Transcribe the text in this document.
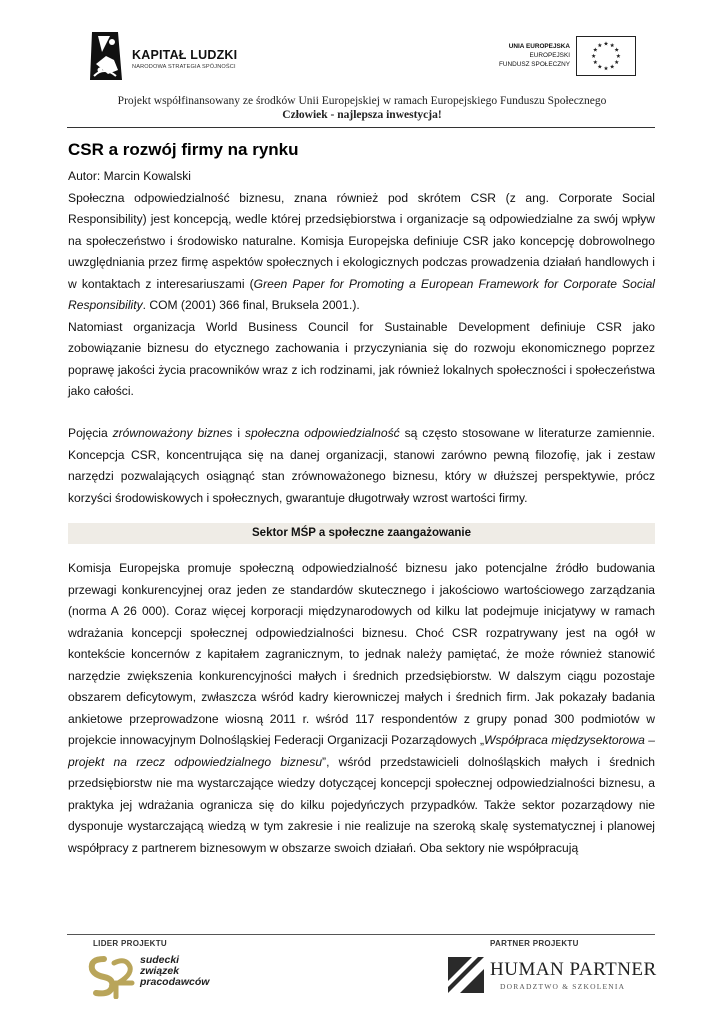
KAPITAŁ LUDZKI
NARODOWA STRATEGIA SPÓJNOŚCI
UNIA EUROPEJSKA
EUROPEJSKI
FUNDUSZ SPOŁECZNY
Projekt współfinansowany ze środków Unii Europejskiej w ramach Europejskiego Funduszu Społecznego
Człowiek - najlepsza inwestycja!
CSR a rozwój firmy na rynku

Autor: Marcin Kowalski

Społeczna odpowiedzialność biznesu, znana również pod skrótem CSR (z ang. Corporate Social Responsibility) jest koncepcją, wedle której przedsiębiorstwa i organizacje są odpowiedzialne za swój wpływ na społeczeństwo i środowisko naturalne. Komisja Europejska definiuje CSR jako koncepcję dobrowolnego uwzględniania przez firmę aspektów społecznych i ekologicznych podczas prowadzenia działań handlowych i w kontaktach z interesariuszami (Green Paper for Promoting a European Framework for Corporate Social Responsibility. COM (2001) 366 final, Bruksela 2001.).

Natomiast organizacja World Business Council for Sustainable Development definiuje CSR jako zobowiązanie biznesu do etycznego zachowania i przyczyniania się do rozwoju ekonomicznego poprzez poprawę jakości życia pracowników wraz z ich rodzinami, jak również lokalnych społeczności i społeczeństwa jako całości.

Pojęcia zrównoważony biznes i społeczna odpowiedzialność są często stosowane w literaturze zamiennie. Koncepcja CSR, koncentrująca się na danej organizacji, stanowi zarówno pewną filozofię, jak i zestaw narzędzi pozwalających osiągnąć stan zrównoważonego biznesu, który w dłuższej perspektywie, prócz korzyści środowiskowych i społecznych, gwarantuje długotrwały wzrost wartości firmy.

Sektor MŚP a społeczne zaangażowanie

Komisja Europejska promuje społeczną odpowiedzialność biznesu jako potencjalne źródło budowania przewagi konkurencyjnej oraz jeden ze standardów skutecznego i jakościowo wartościowego zarządzania (norma A 26 000). Coraz więcej korporacji międzynarodowych od kilku lat podejmuje inicjatywy w ramach wdrażania koncepcji społecznej odpowiedzialności biznesu. Choć CSR rozpatrywany jest na ogół w kontekście koncernów z kapitałem zagranicznym, to jednak należy pamiętać, że może również stanowić narzędzie zwiększenia konkurencyjności małych i średnich przedsiębiorstw. W dalszym ciągu pozostaje obszarem deficytowym, zwłaszcza wśród kadry kierowniczej małych i średnich firm. Jak pokazały badania ankietowe przeprowadzone wiosną 2011 r. wśród 117 respondentów z grupy ponad 300 podmiotów w projekcie innowacyjnym Dolnośląskiej Federacji Organizacji Pozarządowych „Współpraca międzysektorowa – projekt na rzecz odpowiedzialnego biznesu”, wśród przedstawicieli dolnośląskich małych i średnich przedsiębiorstw nie ma wystarczające wiedzy dotyczącej koncepcji społecznej odpowiedzialności biznesu, a praktyka jej wdrażania ogranicza się do kilku pojedyńczych przypadków. Także sektor pozarządowy nie dysponuje wystarczającą wiedzą w tym zakresie i nie realizuje na szeroką skalę systematycznej i planowej współpracy z partnerem biznesowym w obszarze swoich działań. Oba sektory nie współpracują

LIDER PROJEKTU	PARTNER PROJEKTU
sudecki
związek
pracodawców
HUMAN PARTNER
DORADZTWO & SZKOLENIA
